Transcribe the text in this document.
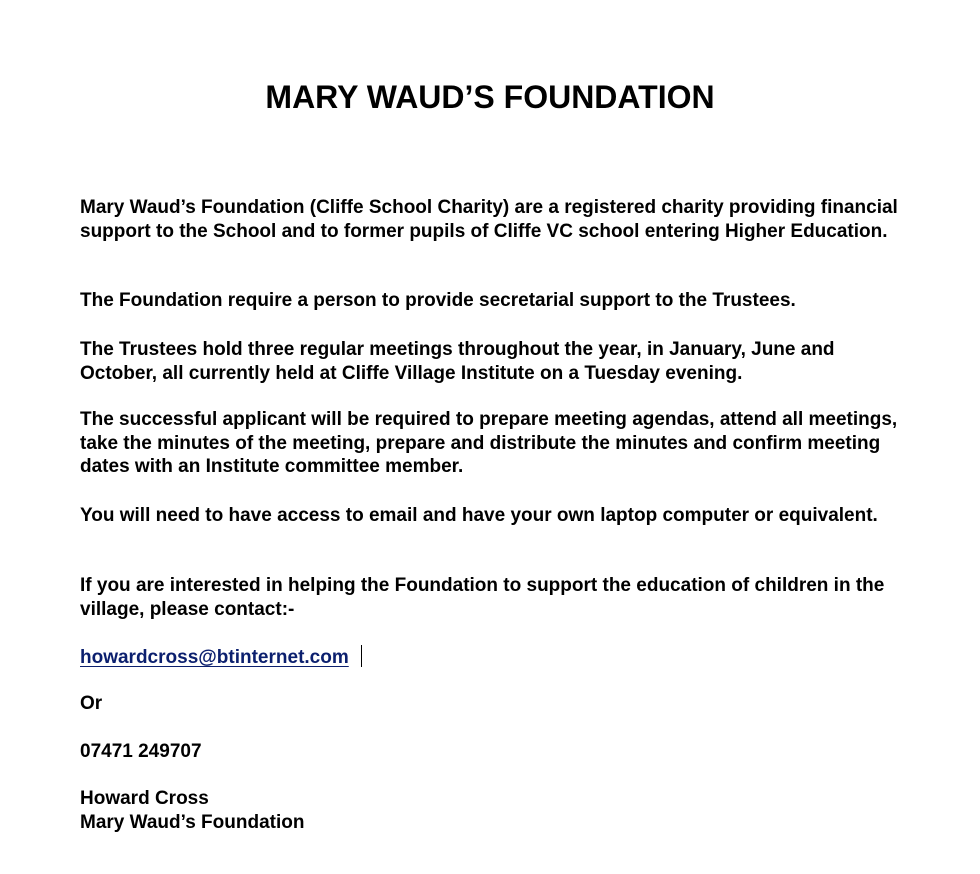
MARY WAUD’S FOUNDATION

Mary Waud’s Foundation (Cliffe School Charity) are a registered charity providing financial support to the School and to former pupils of Cliffe VC school entering Higher Education.

The Foundation require a person to provide secretarial support to the Trustees.

The Trustees hold three regular meetings throughout the year, in January, June and October, all currently held at Cliffe Village Institute on a Tuesday evening.

The successful applicant will be required to prepare meeting agendas, attend all meetings, take the minutes of the meeting, prepare and distribute the minutes and confirm meeting dates with an Institute committee member.

You will need to have access to email and have your own laptop computer or equivalent.

If you are interested in helping the Foundation to support the education of children in the village, please contact:-

howardcross@btinternet.com

Or

07471 249707

Howard Cross
Mary Waud’s Foundation
